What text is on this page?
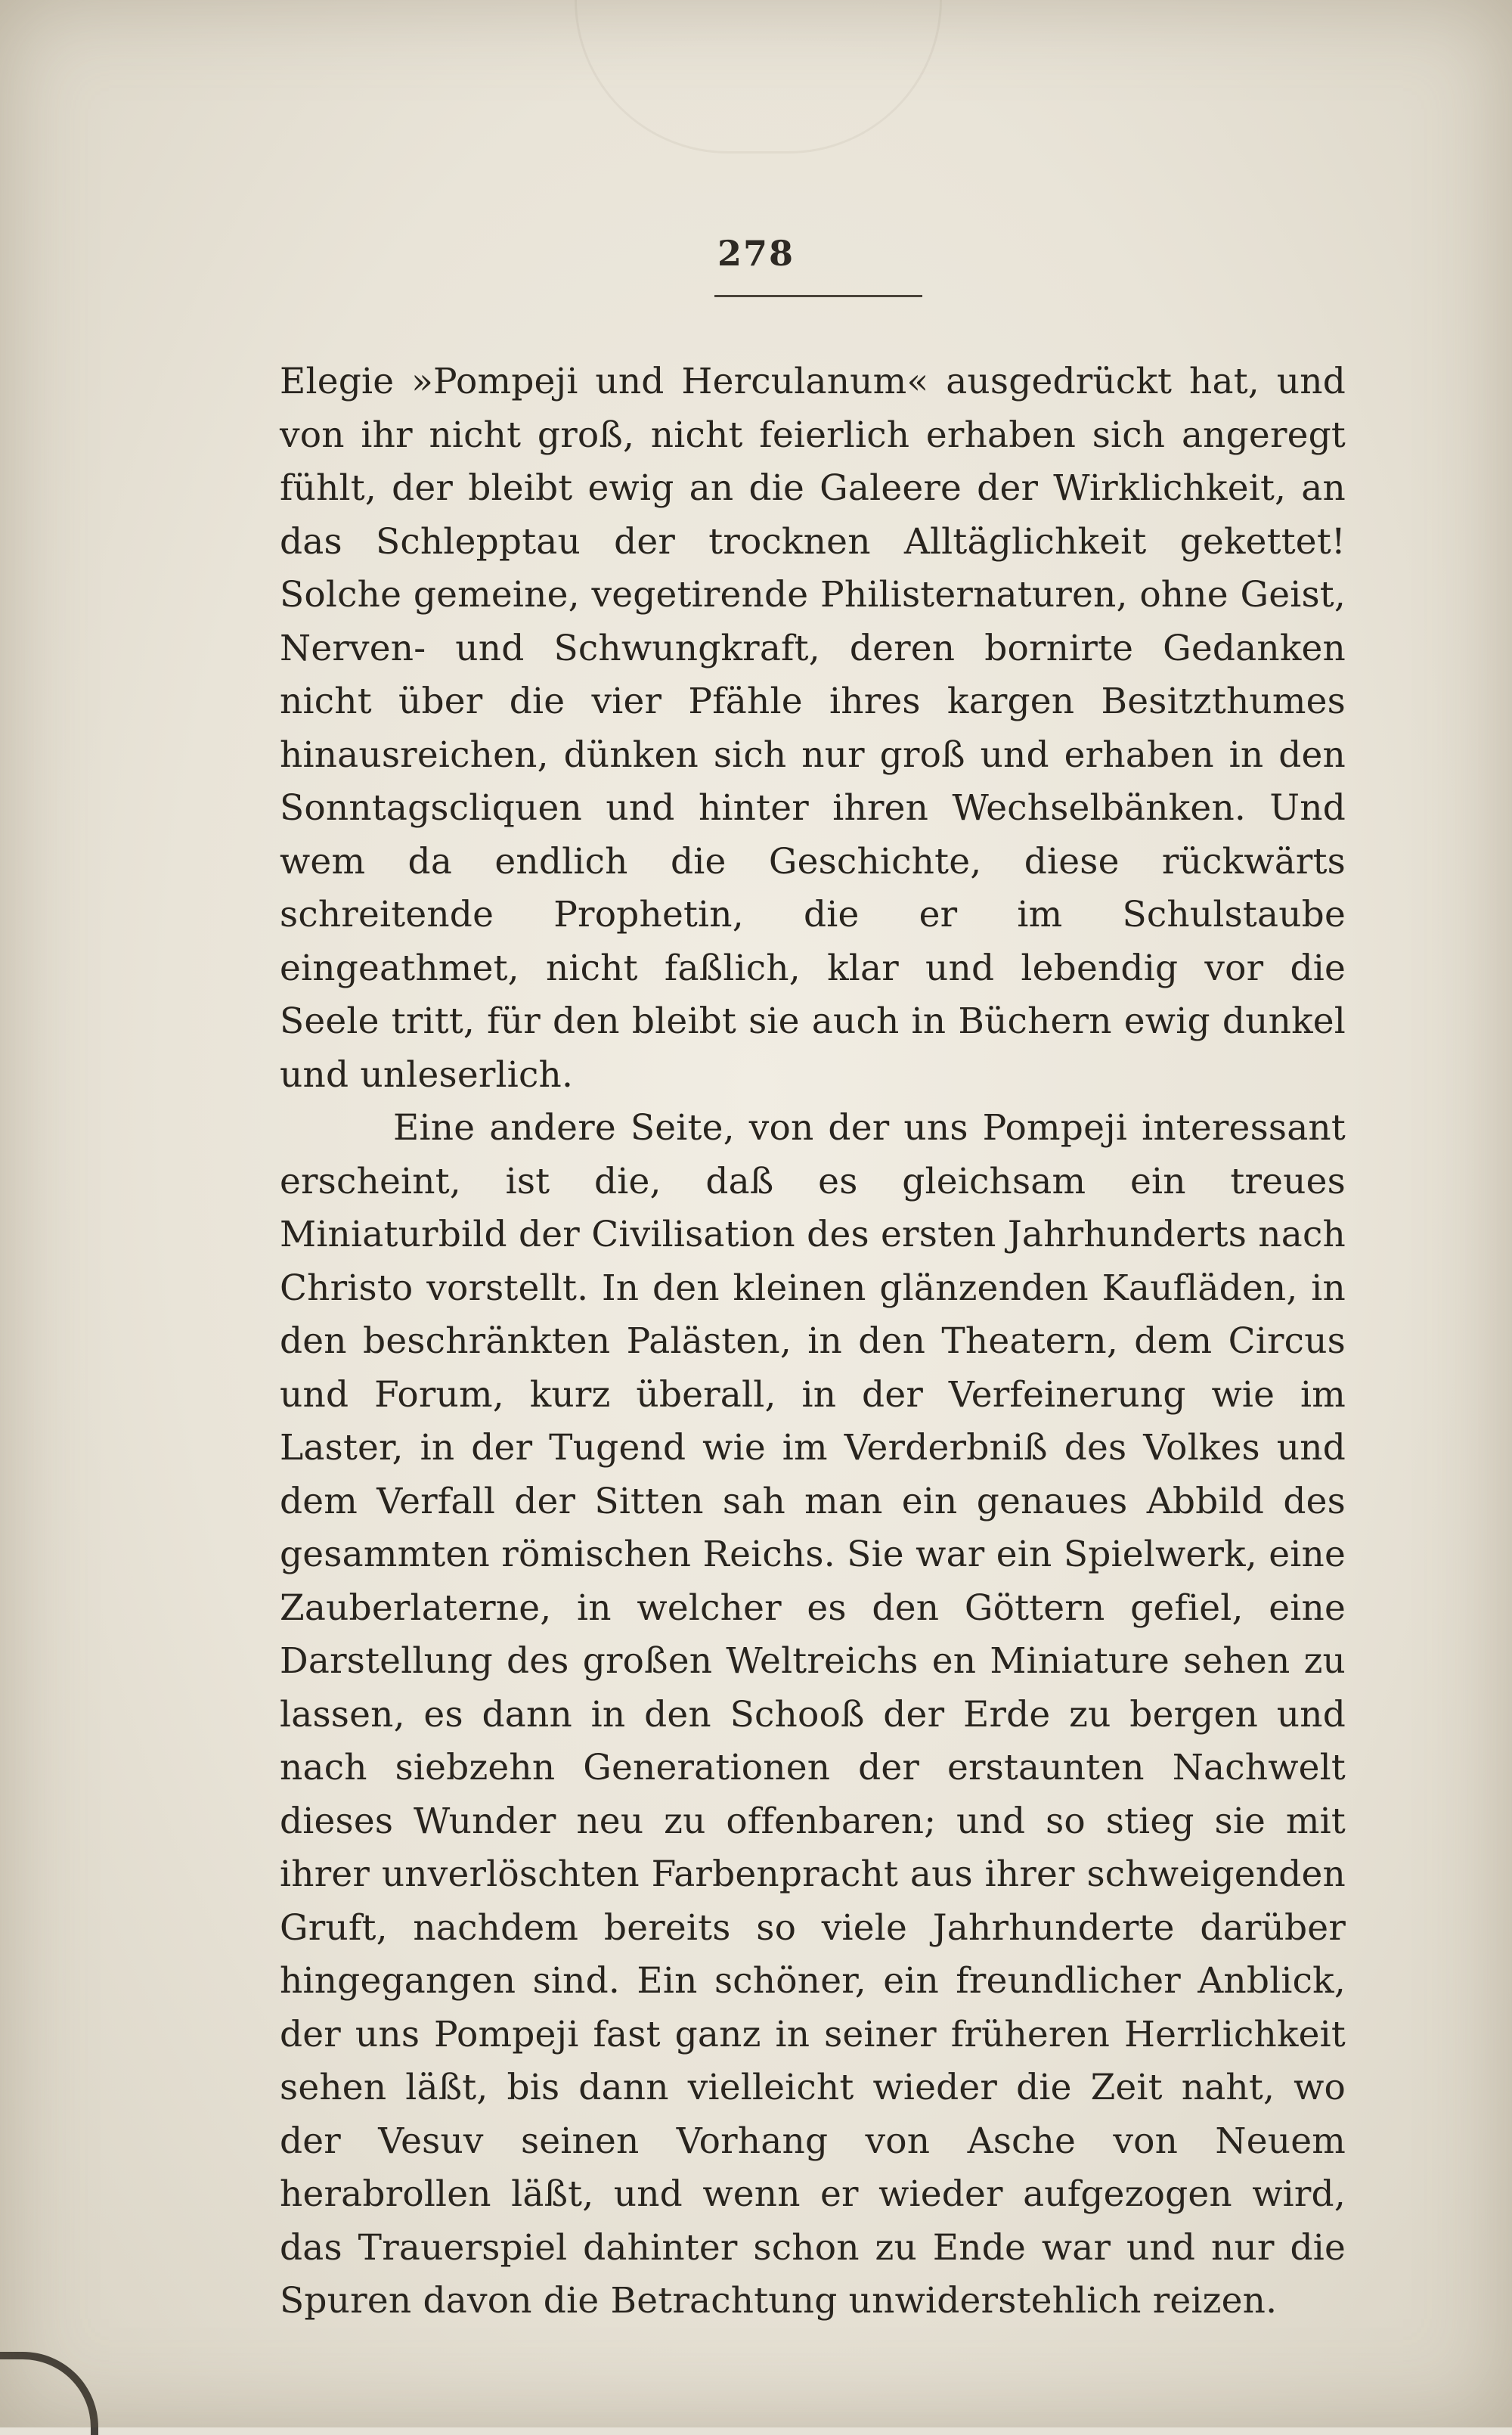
278

Elegie »Pompeji und Herculanum« ausgedrückt hat, und von ihr nicht groß, nicht feierlich erhaben sich angeregt fühlt, der bleibt ewig an die Galeere der Wirklichkeit, an das Schlepptau der trocknen Alltäglichkeit gekettet! Solche gemeine, vegetirende Philisternaturen, ohne Geist, Nerven- und Schwungkraft, deren bornirte Gedanken nicht über die vier Pfähle ihres kargen Besitzthumes hinausreichen, dünken sich nur groß und erhaben in den Sonntagscliquen und hinter ihren Wechselbänken. Und wem da endlich die Geschichte, diese rückwärts schreitende Prophetin, die er im Schulstaube eingeathmet, nicht faßlich, klar und lebendig vor die Seele tritt, für den bleibt sie auch in Büchern ewig dunkel und unleserlich.

Eine andere Seite, von der uns Pompeji interessant erscheint, ist die, daß es gleichsam ein treues Miniaturbild der Civilisation des ersten Jahrhunderts nach Christo vorstellt. In den kleinen glänzenden Kaufläden, in den beschränkten Palästen, in den Theatern, dem Circus und Forum, kurz überall, in der Verfeinerung wie im Laster, in der Tugend wie im Verderbniß des Volkes und dem Verfall der Sitten sah man ein genaues Abbild des gesammten römischen Reichs. Sie war ein Spielwerk, eine Zauberlaterne, in welcher es den Göttern gefiel, eine Darstellung des großen Weltreichs en Miniature sehen zu lassen, es dann in den Schooß der Erde zu bergen und nach siebzehn Generationen der erstaunten Nachwelt dieses Wunder neu zu offenbaren; und so stieg sie mit ihrer unverlöschten Farbenpracht aus ihrer schweigenden Gruft, nachdem bereits so viele Jahrhunderte darüber hingegangen sind. Ein schöner, ein freundlicher Anblick, der uns Pompeji fast ganz in seiner früheren Herrlichkeit sehen läßt, bis dann vielleicht wieder die Zeit naht, wo der Vesuv seinen Vorhang von Asche von Neuem herabrollen läßt, und wenn er wieder aufgezogen wird, das Trauerspiel dahinter schon zu Ende war und nur die Spuren davon die Betrachtung unwiderstehlich reizen.
